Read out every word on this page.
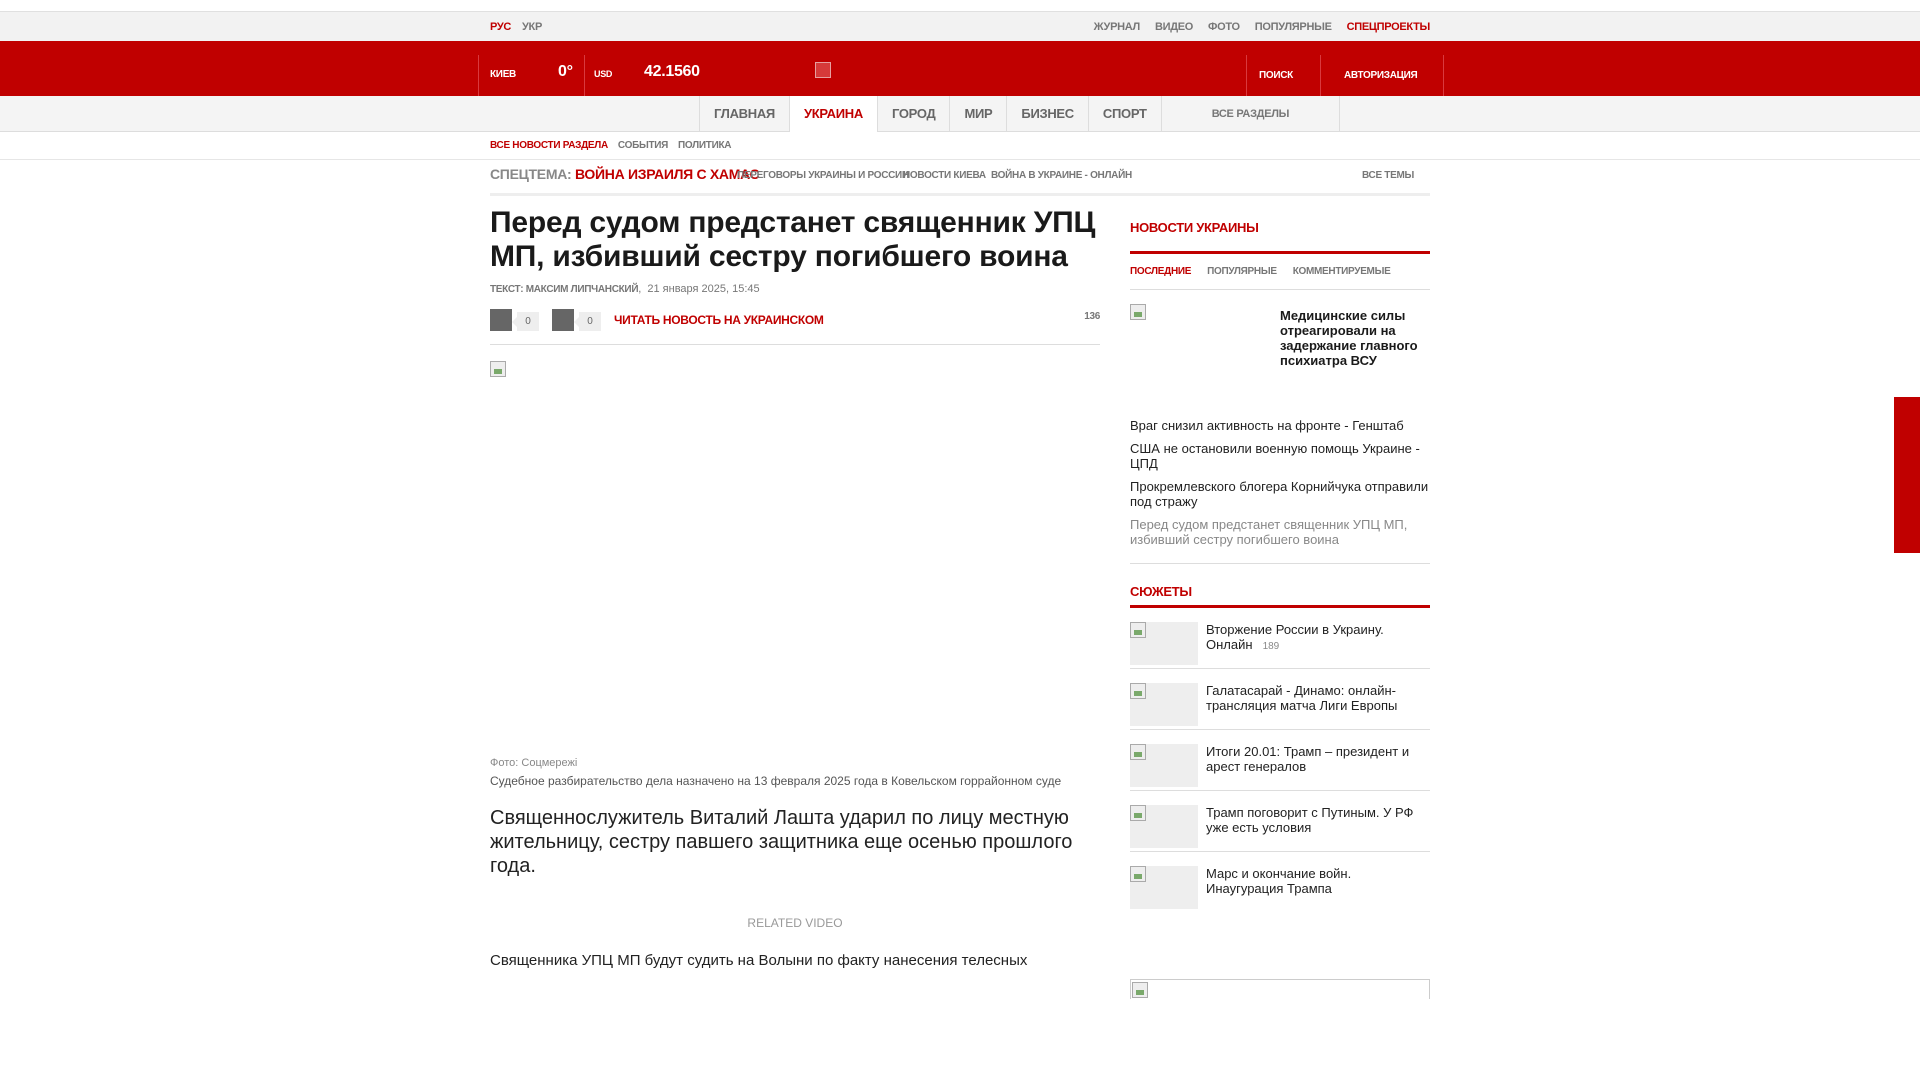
РУС УКР	ЖУРНАЛ ВИДЕО ФОТО ПОПУЛЯРНЫЕ СПЕЦПРОЕКТЫ
КИЕВ	0° USD 42.1560	ПОИСК	АВТОРИЗАЦИЯ
ГЛАВНАЯ	УКРАИНА	ГОРОД	МИР	БИЗНЕС	СПОРТ	ВСЕ РАЗДЕЛЫ
ВСЕ НОВОСТИ РАЗДЕЛА СОБЫТИЯ ПОЛИТИКА
СПЕЦТЕМА: ВОЙНА ИЗРАИЛЯ С ХАМАС
ПЕРЕГОВОРЫ УКРАИНЫ И РОССИИ
НОВОСТИ КИЕВА ВОЙНА В УКРАИНЕ - ОНЛАЙН	ВСЕ ТЕМЫ
Перед судом предстанет священник УПЦ МП, избивший сестру погибшего воина
ТЕКСТ: МАКСИМ ЛИПЧАНСКИЙ,  21 января 2025, 15:45
0	0	ЧИТАТЬ НОВОСТЬ НА УКРАИНСКОМ	136
Фото: Соцмережі
Судебное разбирательство дела назначено на 13 февраля 2025 года в Ковельском горрайонном суде

Священнослужитель Виталий Лашта ударил по лицу местную жительницу, сестру павшего защитника еще осенью прошлого года.

RELATED VIDEO

Священника УПЦ МП будут судить на Волыни по факту нанесения телесных

НОВОСТИ УКРАИНЫ
ПОСЛЕДНИЕ ПОПУЛЯРНЫЕ КОММЕНТИРУЕМЫЕ
Медицинские силы отреагировали на задержание главного психиатра ВСУ
Враг снизил активность на фронте - Генштаб
США не остановили военную помощь Украине - ЦПД
Прокремлевского блогера Корнийчука отправили под стражу
Перед судом предстанет священник УПЦ МП, избивший сестру погибшего воина
СЮЖЕТЫ
Вторжение России в Украину. Онлайн 189
Галатасарай - Динамо: онлайн-трансляция матча Лиги Европы
Итоги 20.01: Трамп – президент и арест генералов
Трамп поговорит с Путиным. У РФ уже есть условия
Марс и окончание войн. Инаугурация Трампа
